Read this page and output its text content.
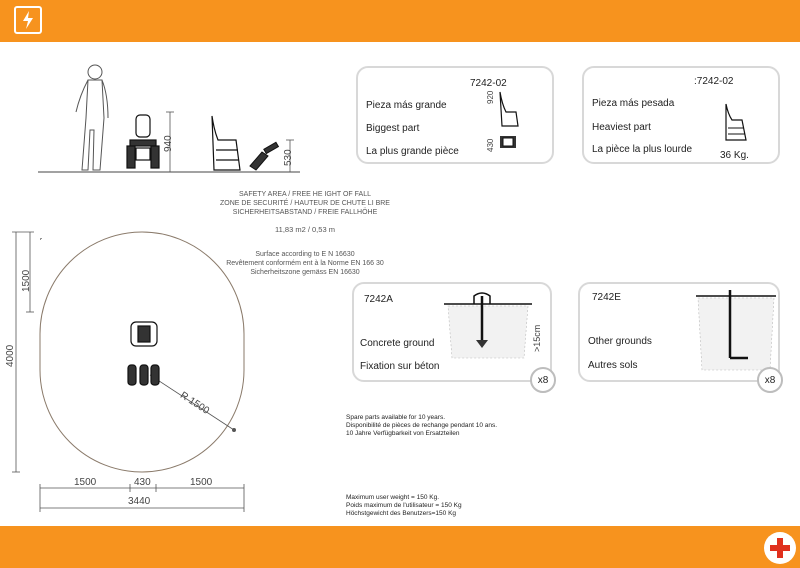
940
530
SAFETY AREA / FREE HE IGHT OF FALL
ZONE DE SECURITÉ / HAUTEUR DE CHUTE LI BRE
SICHERHEITSABSTAND / FREIE FALLHÖHE
11,83 m2 / 0,53 m
Surface according to E N 16630
Revêtement conformém ent à la Norme EN 166 30
Sicherheitszone gemäss EN 16630
1500
4000
R 1500
1500	430	1500
3440
7242-02
Pieza más grande
Biggest part
La plus grande pièce
920
430
:7242-02
Pieza más pesada
Heaviest part
La pièce la plus lourde
36 Kg.
7242A
Concrete ground
Fixation sur béton
>15cm
x8
7242E
Other grounds
Autres sols
x8
Spare parts available for 10 years.
Disponibilité de pièces de rechange pendant 10 ans.
10 Jahre Verfügbarkeit von Ersatzteilen
Maximum user weight = 150 Kg.
Poids maximum de l'utilisateur = 150 Kg
Höchstgewicht des Benutzers=150 Kg
